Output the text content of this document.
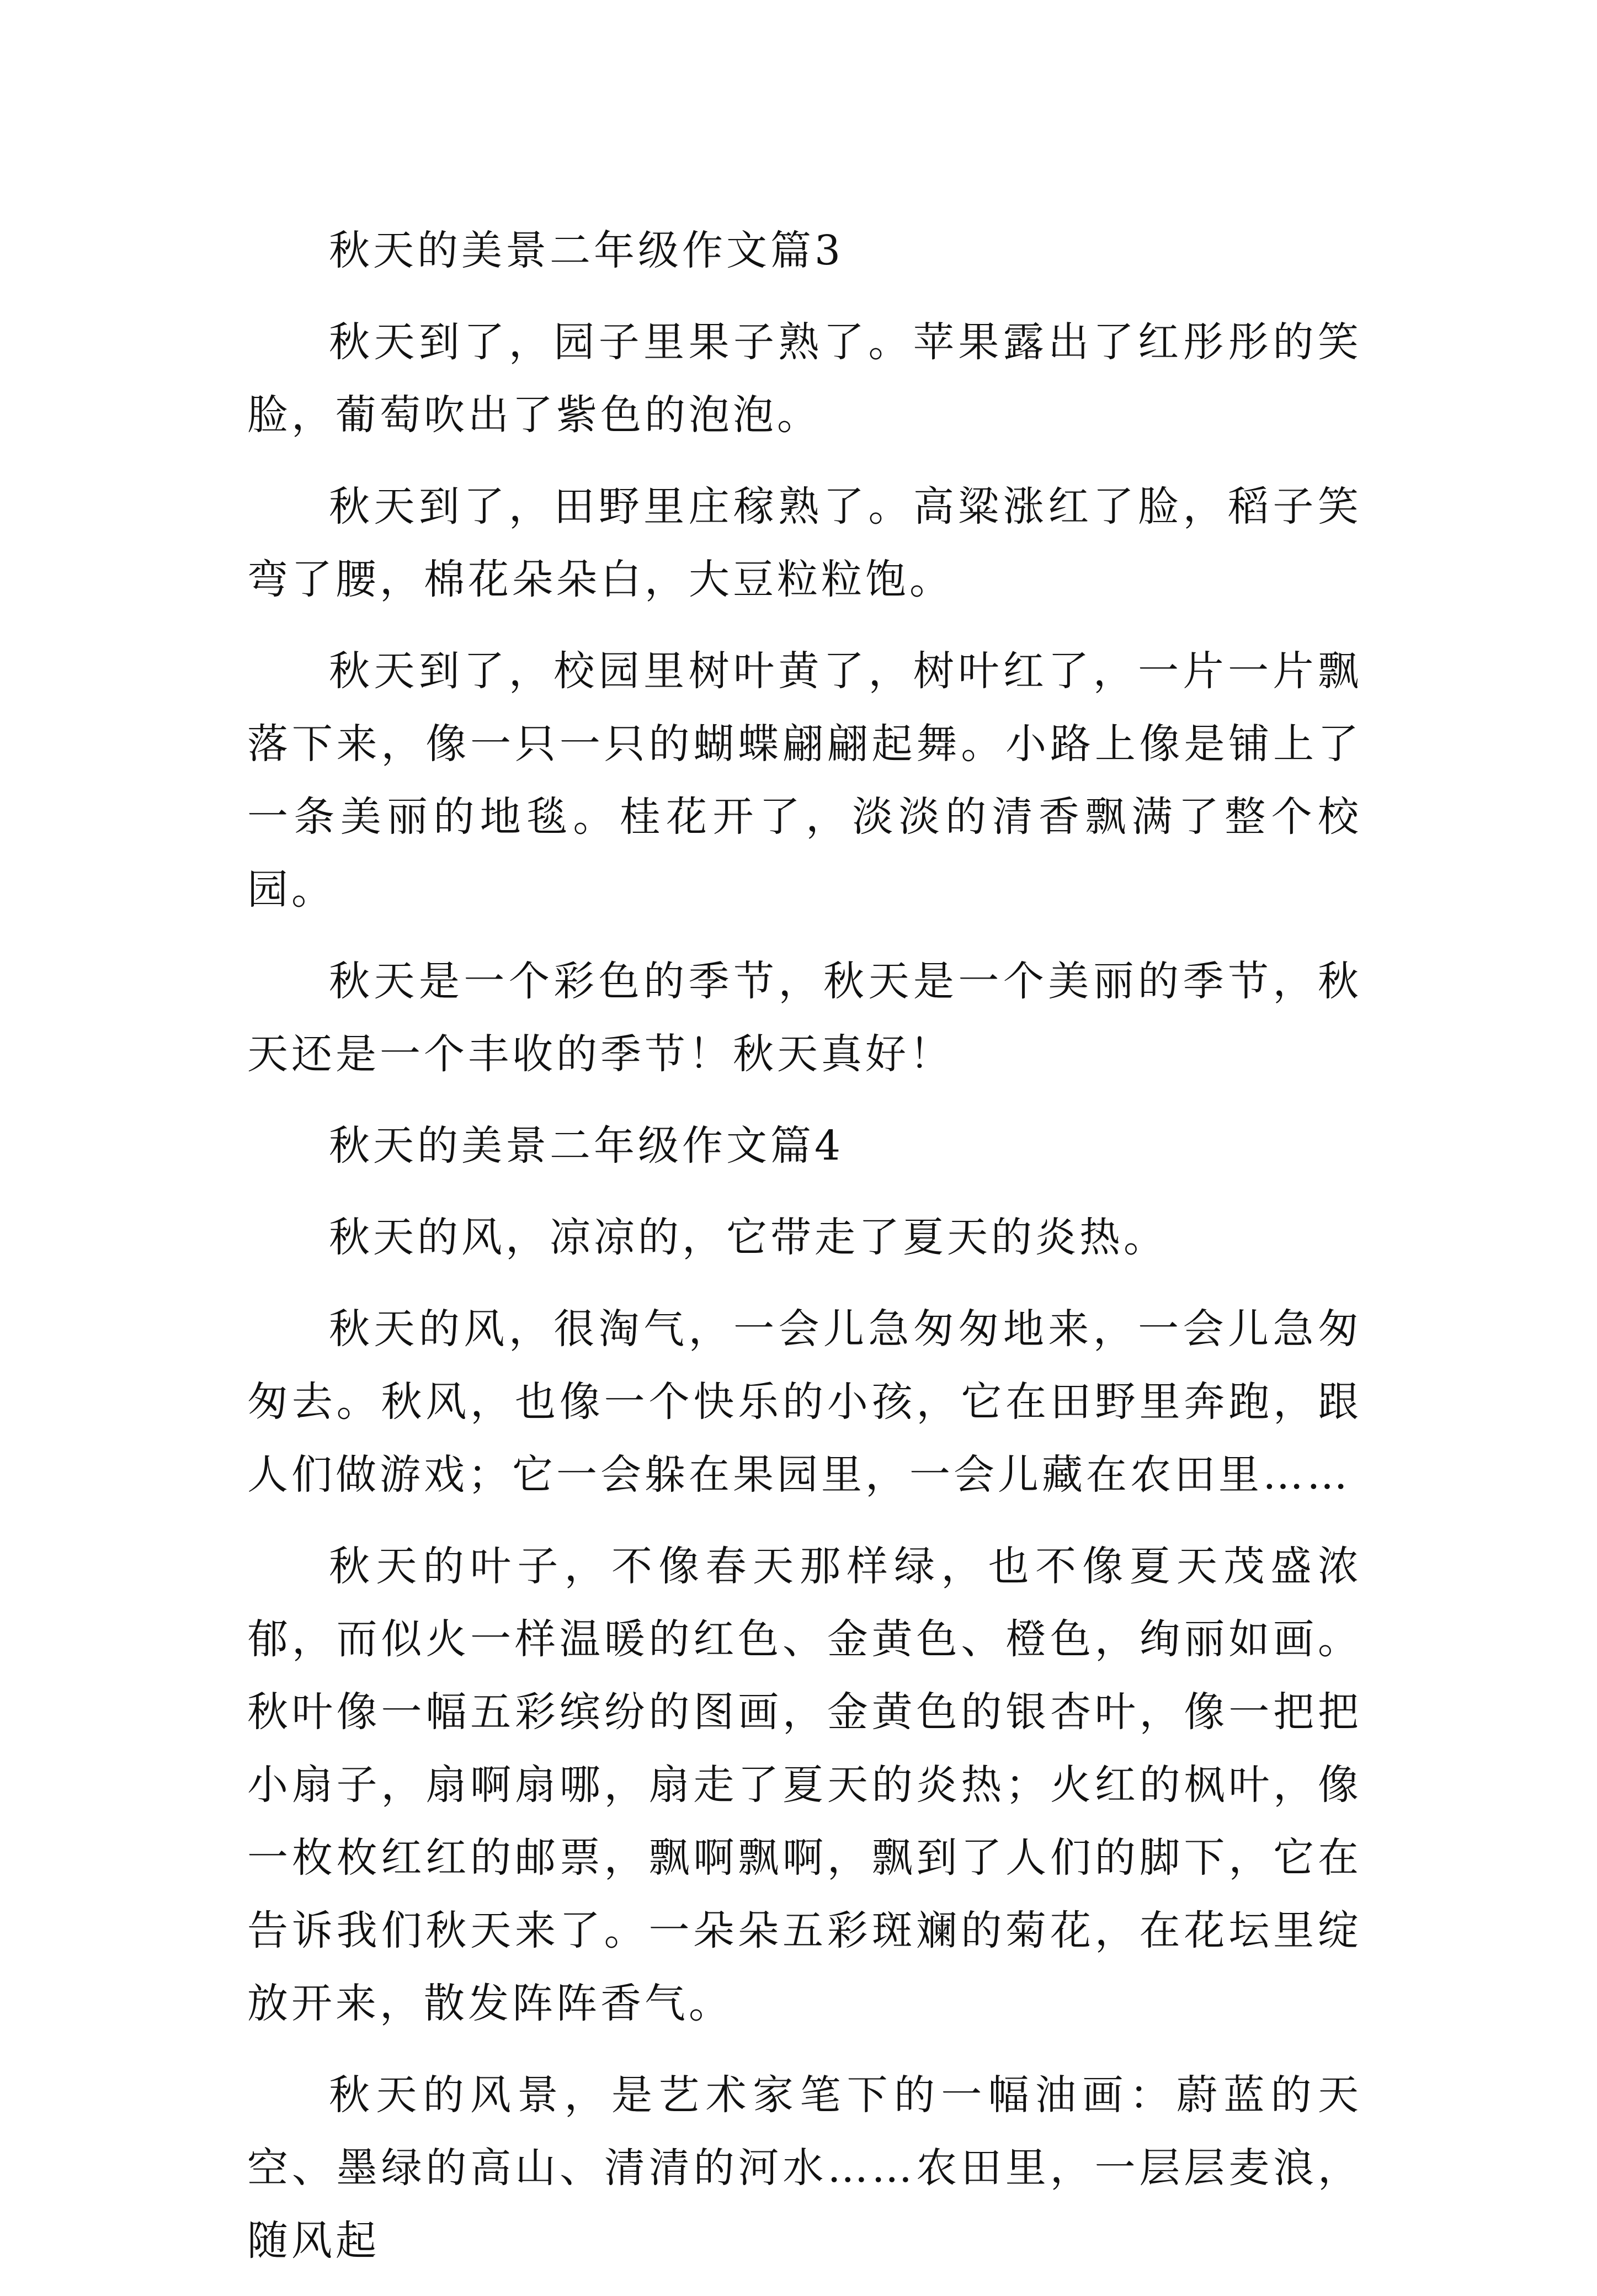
秋天的美景二年级作文篇3

秋天到了，园子里果子熟了。苹果露出了红彤彤的笑脸，葡萄吹出了紫色的泡泡。

秋天到了，田野里庄稼熟了。高粱涨红了脸，稻子笑弯了腰，棉花朵朵白，大豆粒粒饱。

秋天到了，校园里树叶黄了，树叶红了，一片一片飘落下来，像一只一只的蝴蝶翩翩起舞。小路上像是铺上了一条美丽的地毯。桂花开了，淡淡的清香飘满了整个校园。

秋天是一个彩色的季节，秋天是一个美丽的季节，秋天还是一个丰收的季节！秋天真好！

秋天的美景二年级作文篇4

秋天的风，凉凉的，它带走了夏天的炎热。

秋天的风，很淘气，一会儿急匆匆地来，一会儿急匆匆去。秋风，也像一个快乐的小孩，它在田野里奔跑，跟人们做游戏；它一会躲在果园里，一会儿藏在农田里……

秋天的叶子，不像春天那样绿，也不像夏天茂盛浓郁，而似火一样温暖的红色、金黄色、橙色，绚丽如画。秋叶像一幅五彩缤纷的图画，金黄色的银杏叶，像一把把小扇子，扇啊扇哪，扇走了夏天的炎热；火红的枫叶，像一枚枚红红的邮票，飘啊飘啊，飘到了人们的脚下，它在告诉我们秋天来了。一朵朵五彩斑斓的菊花，在花坛里绽放开来，散发阵阵香气。

秋天的风景，是艺术家笔下的一幅油画：蔚蓝的天空、墨绿的高山、清清的河水……农田里，一层层麦浪，随风起
